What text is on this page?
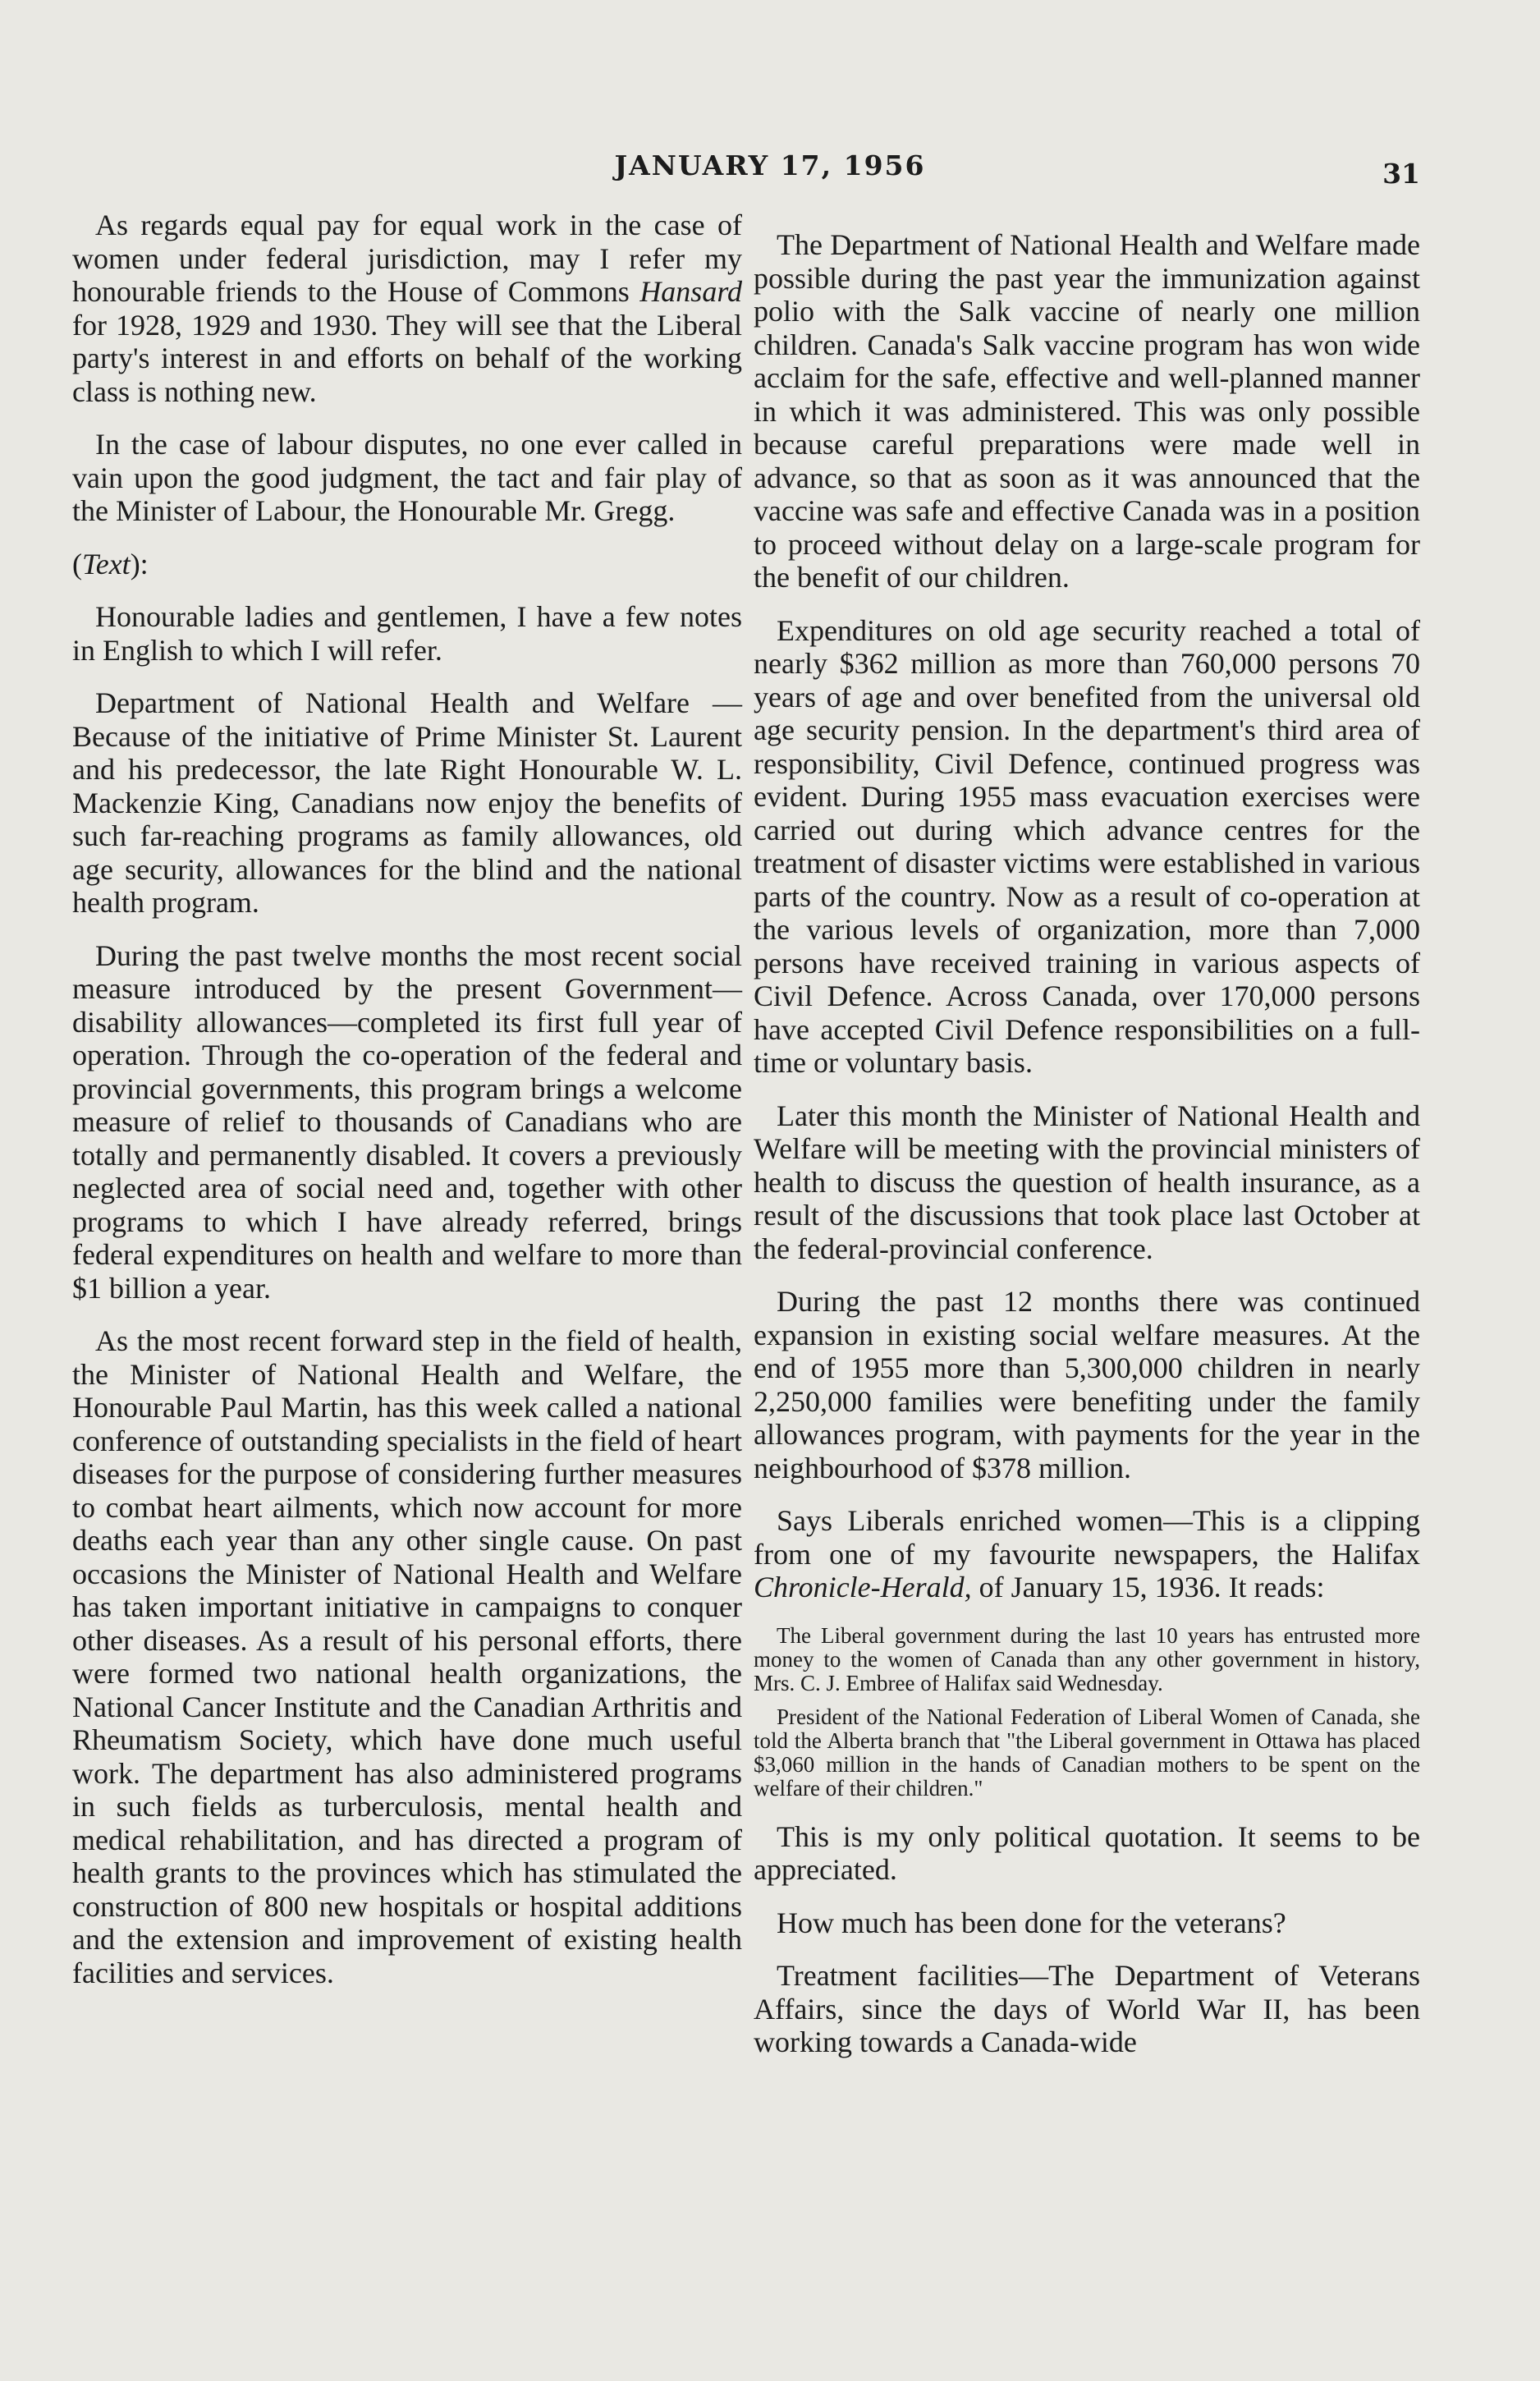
JANUARY 17, 1956	31

As regards equal pay for equal work in the case of women under federal jurisdiction, may I refer my honourable friends to the House of Commons Hansard for 1928, 1929 and 1930. They will see that the Liberal party's interest in and efforts on behalf of the working class is nothing new.

In the case of labour disputes, no one ever called in vain upon the good judgment, the tact and fair play of the Minister of Labour, the Honourable Mr. Gregg.

(Text):

Honourable ladies and gentlemen, I have a few notes in English to which I will refer.

Department of National Health and Welfare —Because of the initiative of Prime Minister St. Laurent and his predecessor, the late Right Honourable W. L. Mackenzie King, Canadians now enjoy the benefits of such far-reaching programs as family allowances, old age security, allowances for the blind and the national health program.

During the past twelve months the most recent social measure introduced by the present Government—disability allowances—completed its first full year of operation. Through the co-operation of the federal and provincial governments, this program brings a welcome measure of relief to thousands of Canadians who are totally and permanently disabled. It covers a previously neglected area of social need and, together with other programs to which I have already referred, brings federal expenditures on health and welfare to more than $1 billion a year.

As the most recent forward step in the field of health, the Minister of National Health and Welfare, the Honourable Paul Martin, has this week called a national conference of outstanding specialists in the field of heart diseases for the purpose of considering further measures to combat heart ailments, which now account for more deaths each year than any other single cause. On past occasions the Minister of National Health and Welfare has taken important initiative in campaigns to conquer other diseases. As a result of his personal efforts, there were formed two national health organizations, the National Cancer Institute and the Canadian Arthritis and Rheumatism Society, which have done much useful work. The department has also administered programs in such fields as turberculosis, mental health and medical rehabilitation, and has directed a program of health grants to the provinces which has stimulated the construction of 800 new hospitals or hospital additions and the extension and improvement of existing health facilities and services.

The Department of National Health and Welfare made possible during the past year the immunization against polio with the Salk vaccine of nearly one million children. Canada's Salk vaccine program has won wide acclaim for the safe, effective and well-planned manner in which it was administered. This was only possible because careful preparations were made well in advance, so that as soon as it was announced that the vaccine was safe and effective Canada was in a position to proceed without delay on a large-scale program for the benefit of our children.

Expenditures on old age security reached a total of nearly $362 million as more than 760,000 persons 70 years of age and over benefited from the universal old age security pension. In the department's third area of responsibility, Civil Defence, continued progress was evident. During 1955 mass evacuation exercises were carried out during which advance centres for the treatment of disaster victims were established in various parts of the country. Now as a result of co-operation at the various levels of organization, more than 7,000 persons have received training in various aspects of Civil Defence. Across Canada, over 170,000 persons have accepted Civil Defence responsibilities on a full-time or voluntary basis.

Later this month the Minister of National Health and Welfare will be meeting with the provincial ministers of health to discuss the question of health insurance, as a result of the discussions that took place last October at the federal-provincial conference.

During the past 12 months there was continued expansion in existing social welfare measures. At the end of 1955 more than 5,300,000 children in nearly 2,250,000 families were benefiting under the family allowances program, with payments for the year in the neighbourhood of $378 million.

Says Liberals enriched women—This is a clipping from one of my favourite newspapers, the Halifax Chronicle-Herald, of January 15, 1936. It reads:

The Liberal government during the last 10 years has entrusted more money to the women of Canada than any other government in history, Mrs. C. J. Embree of Halifax said Wednesday.

President of the National Federation of Liberal Women of Canada, she told the Alberta branch that "the Liberal government in Ottawa has placed $3,060 million in the hands of Canadian mothers to be spent on the welfare of their children."

This is my only political quotation. It seems to be appreciated.

How much has been done for the veterans?

Treatment facilities—The Department of Veterans Affairs, since the days of World War II, has been working towards a Canada-wide
